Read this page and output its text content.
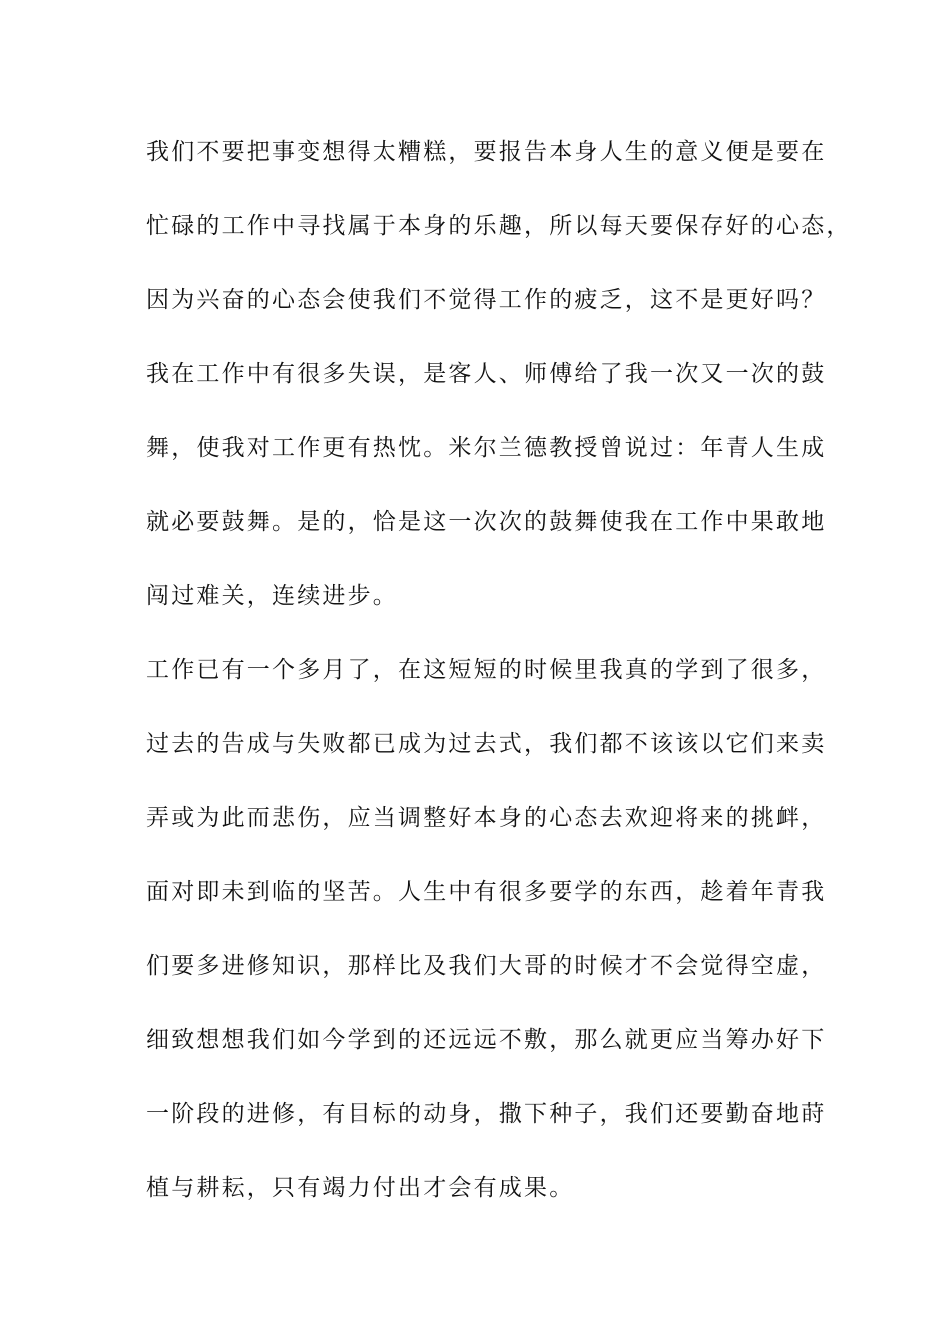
我们不要把事变想得太糟糕，要报告本身人生的意义便是要在
忙碌的工作中寻找属于本身的乐趣，所以每天要保存好的心态，
因为兴奋的心态会使我们不觉得工作的疲乏，这不是更好吗？
我在工作中有很多失误，是客人、师傅给了我一次又一次的鼓
舞，使我对工作更有热忱。米尔兰德教授曾说过：年青人生成
就必要鼓舞。是的，恰是这一次次的鼓舞使我在工作中果敢地
闯过难关，连续进步。
工作已有一个多月了，在这短短的时候里我真的学到了很多，
过去的告成与失败都已成为过去式，我们都不该该以它们来卖
弄或为此而悲伤，应当调整好本身的心态去欢迎将来的挑衅，
面对即未到临的坚苦。人生中有很多要学的东西，趁着年青我
们要多进修知识，那样比及我们大哥的时候才不会觉得空虚，
细致想想我们如今学到的还远远不敷，那么就更应当筹办好下
一阶段的进修，有目标的动身，撒下种子，我们还要勤奋地莳
植与耕耘，只有竭力付出才会有成果。
